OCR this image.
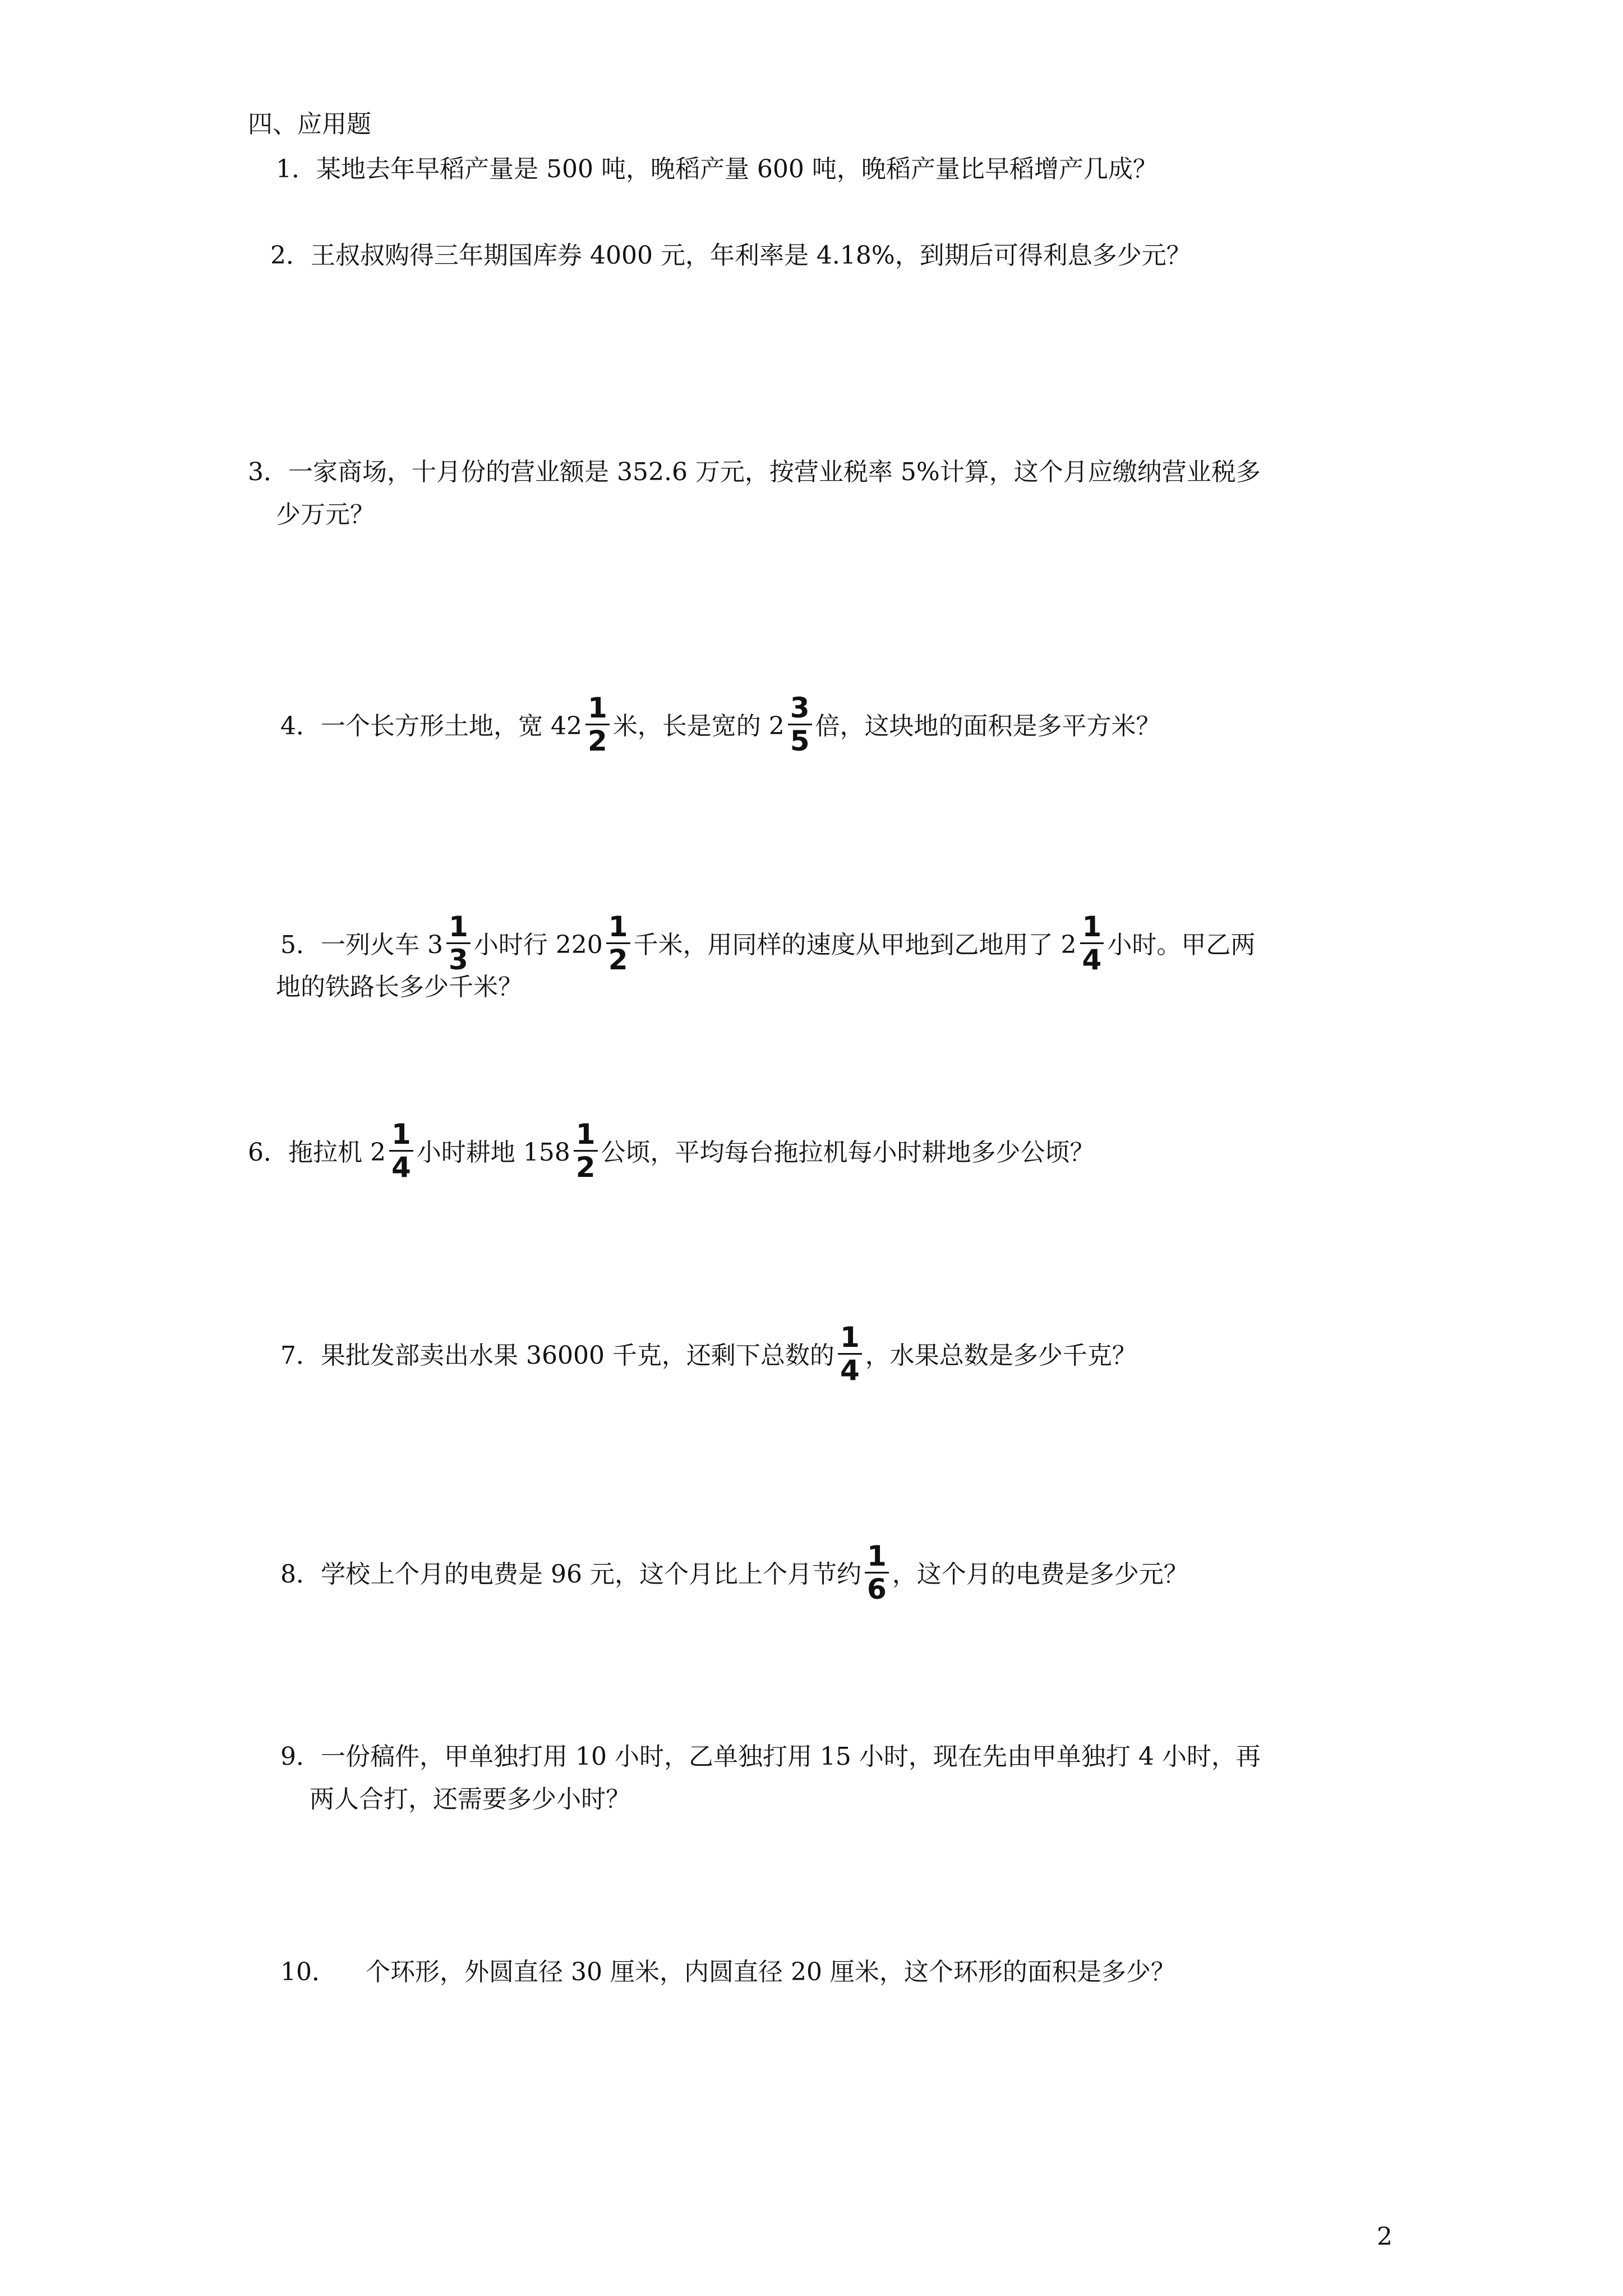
四、应用题
1．某地去年早稻产量是 500 吨，晚稻产量 600 吨，晚稻产量比早稻增产几成？
2．王叔叔购得三年期国库券 4000 元，年利率是 4.18%，到期后可得利息多少元？
3．一家商场，十月份的营业额是 352.6 万元，按营业税率 5%计算，这个月应缴纳营业税多
少万元？
4．一个长方形土地，宽 $42 \frac{1}{2}$ 米，长是宽的 $2 \frac{3}{5}$ 倍，这块地的面积是多平方米？
5．一列火车 $3 \frac{1}{3}$ 小时行 $220 \frac{1}{2}$ 千米，用同样的速度从甲地到乙地用了 $2 \frac{1}{4}$ 小时。甲乙两
地的铁路长多少千米？
6．拖拉机 $2 \frac{1}{4}$ 小时耕地 $158 \frac{1}{2}$ 公顷，平均每台拖拉机每小时耕地多少公顷？
7．果批发部卖出水果 36000 千克，还剩下总数的 $\frac{1}{4}$ ，水果总数是多少千克？
8．学校上个月的电费是 96 元，这个月比上个月节约 $\frac{1}{6}$ ，这个月的电费是多少元？
9．一份稿件，甲单独打用 10 小时，乙单独打用 15 小时，现在先由甲单独打 4 小时，再
两人合打，还需要多少小时？
10． 个环形，外圆直径 30 厘米，内圆直径 20 厘米，这个环形的面积是多少？
2
